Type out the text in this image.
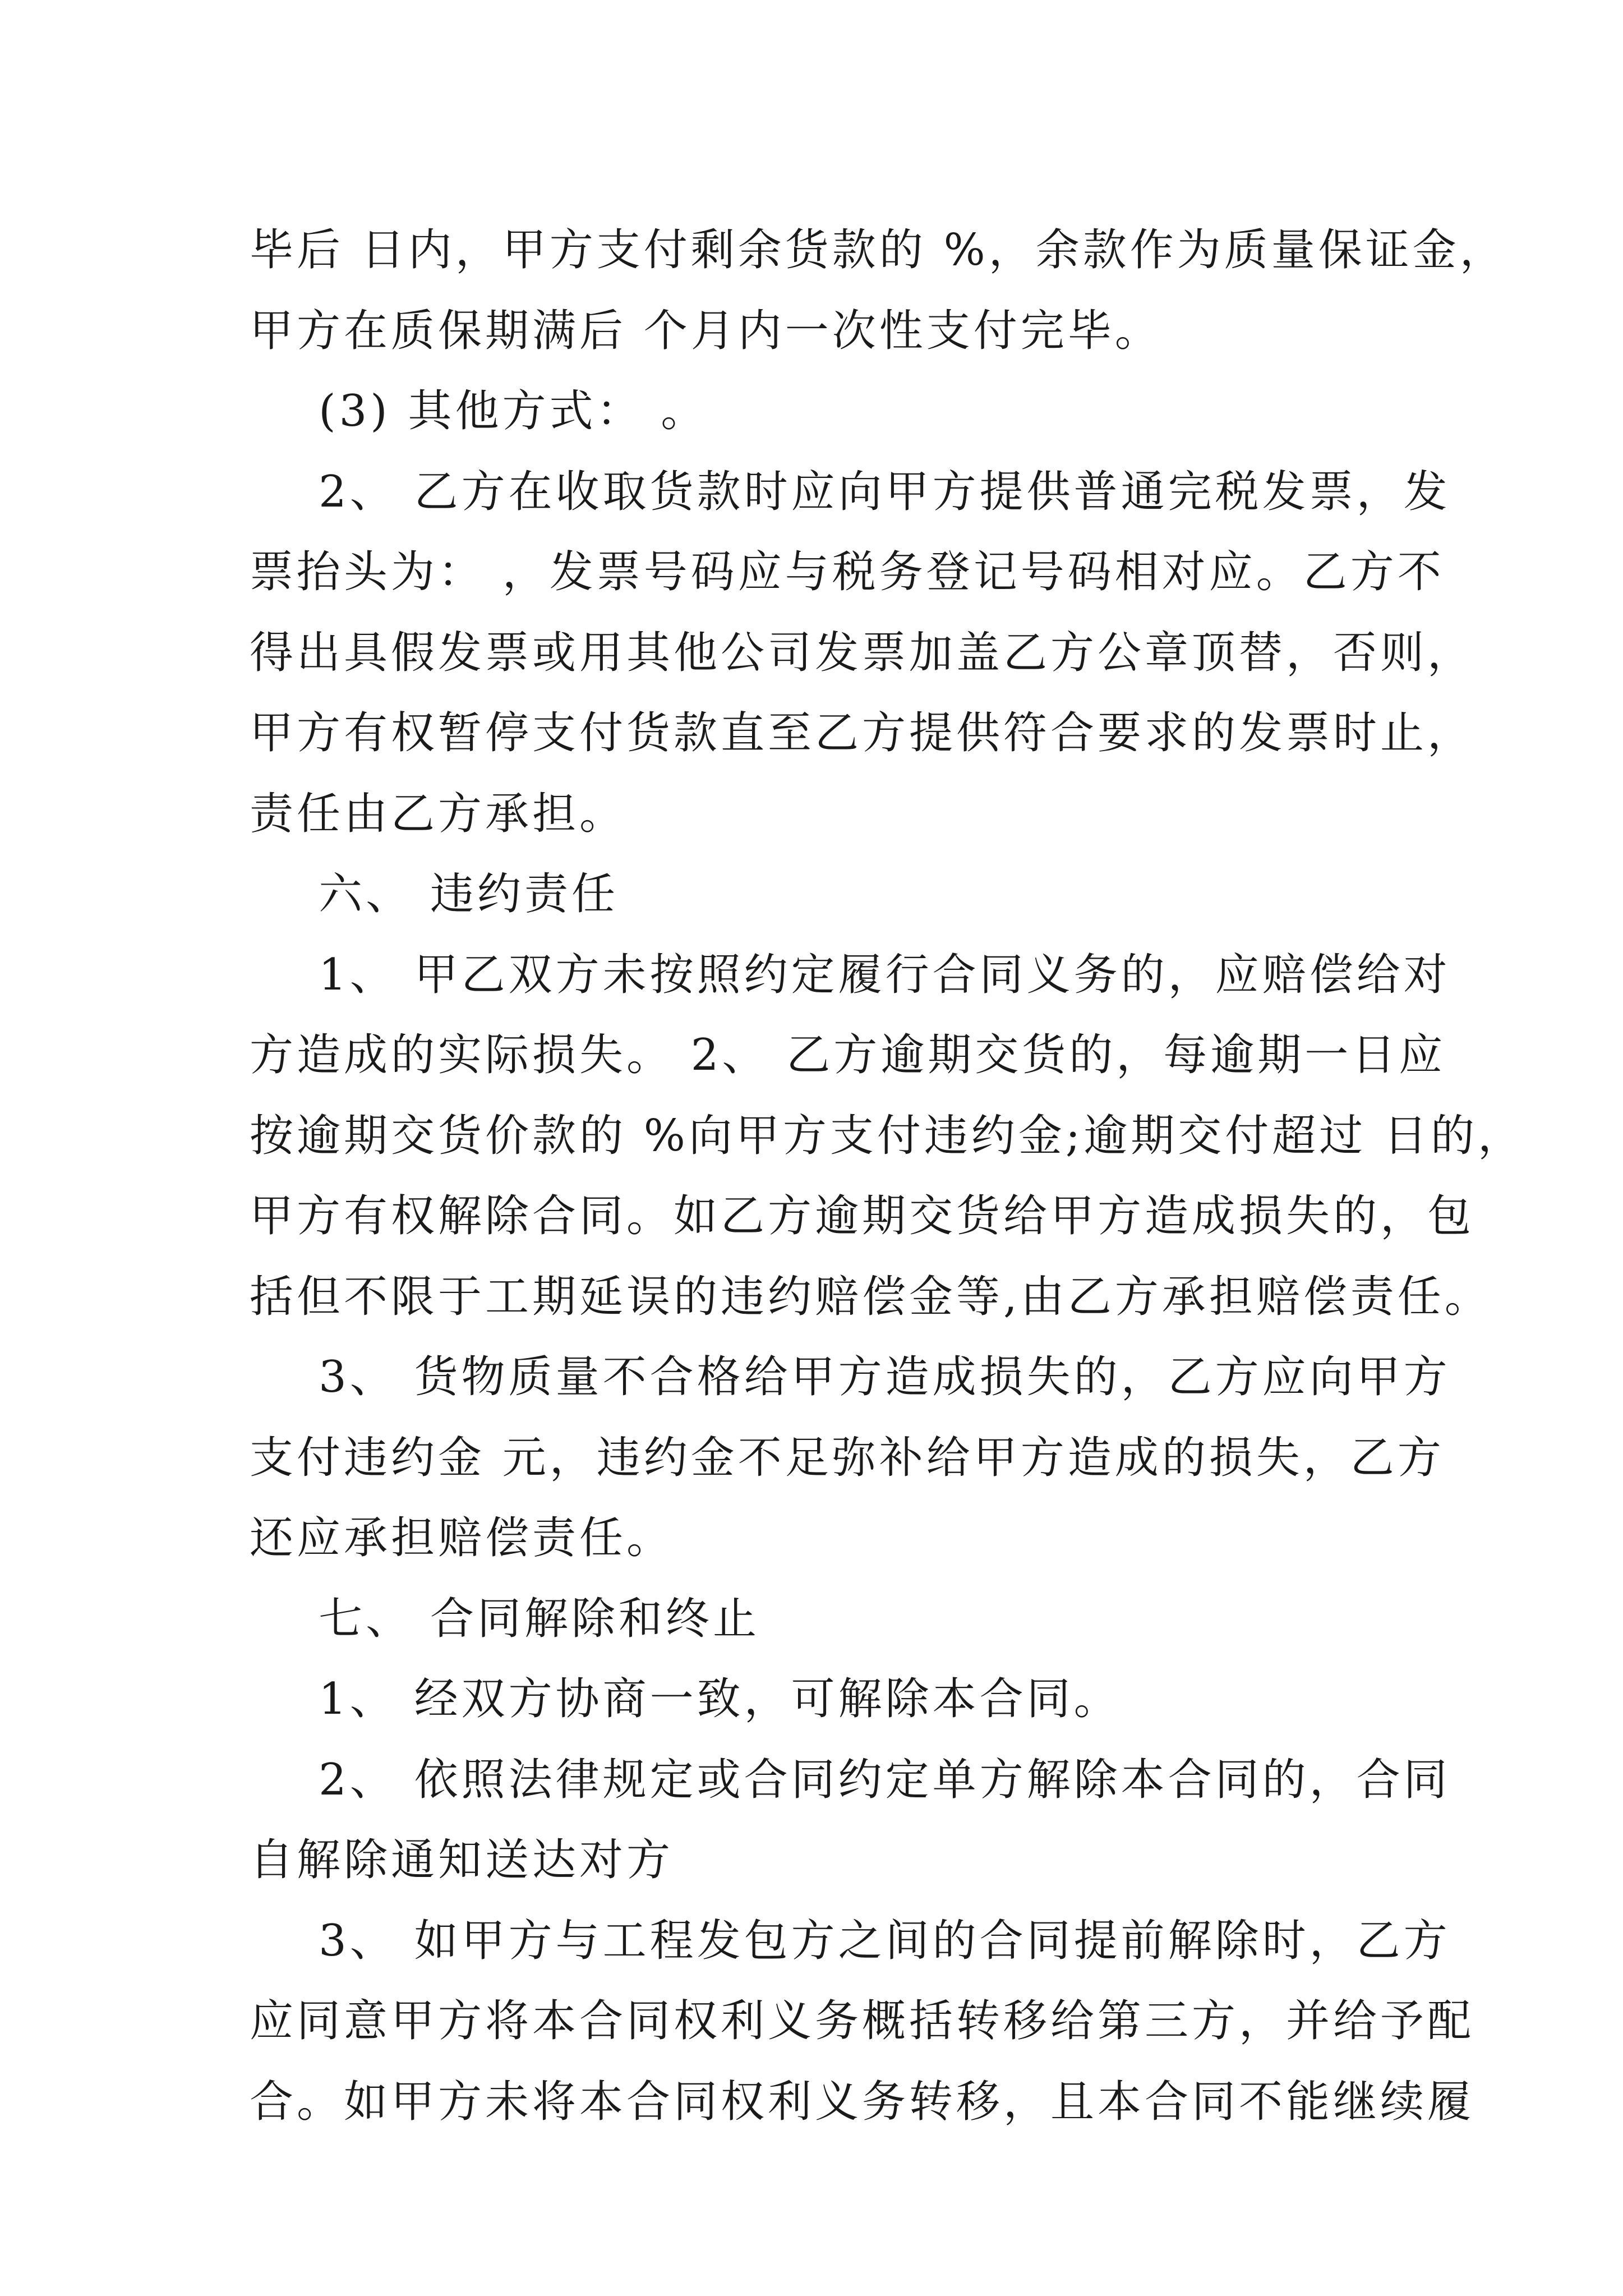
毕后 日内，甲方支付剩余货款的 %，余款作为质量保证金，
甲方在质保期满后 个月内一次性支付完毕。
(3) 其他方式： 。
2、 乙方在收取货款时应向甲方提供普通完税发票，发
票抬头为： ，发票号码应与税务登记号码相对应。乙方不
得出具假发票或用其他公司发票加盖乙方公章顶替，否则，
甲方有权暂停支付货款直至乙方提供符合要求的发票时止，
责任由乙方承担。
六、 违约责任
1、 甲乙双方未按照约定履行合同义务的，应赔偿给对
方造成的实际损失。 2、 乙方逾期交货的，每逾期一日应
按逾期交货价款的 %向甲方支付违约金;逾期交付超过 日的，
甲方有权解除合同。如乙方逾期交货给甲方造成损失的，包
括但不限于工期延误的违约赔偿金等,由乙方承担赔偿责任。
3、 货物质量不合格给甲方造成损失的，乙方应向甲方
支付违约金 元，违约金不足弥补给甲方造成的损失，乙方
还应承担赔偿责任。
七、 合同解除和终止
1、 经双方协商一致，可解除本合同。
2、 依照法律规定或合同约定单方解除本合同的，合同
自解除通知送达对方
3、 如甲方与工程发包方之间的合同提前解除时，乙方
应同意甲方将本合同权利义务概括转移给第三方，并给予配
合。如甲方未将本合同权利义务转移，且本合同不能继续履
